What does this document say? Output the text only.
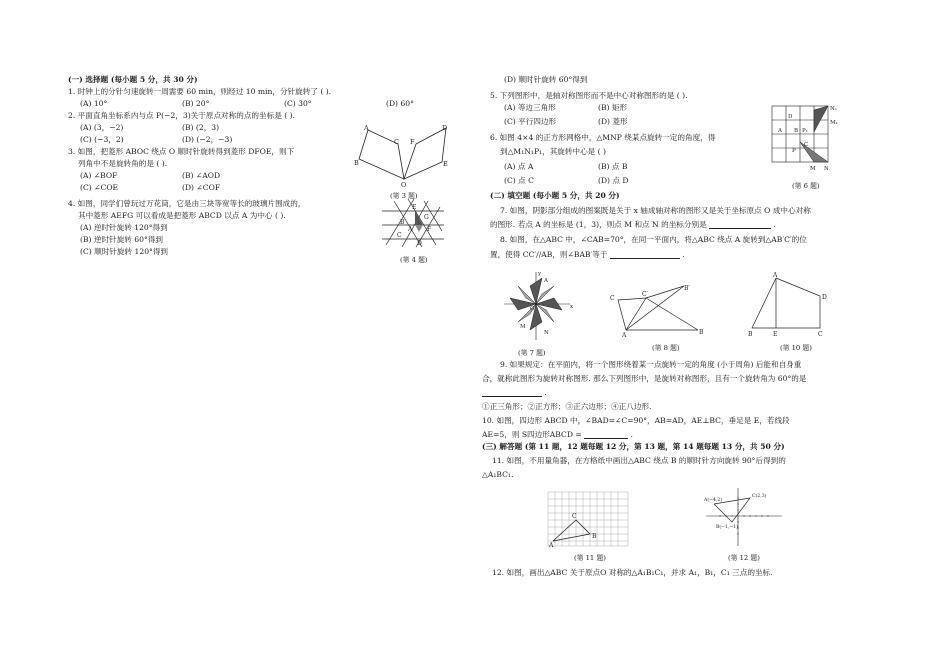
(一) 选择题 (每小题 5 分，共 30 分)
1. 时钟上的分针匀速旋转一周需要 60 min，则经过 10 min，分针旋转了 ( ).
(A) 10°	(B) 20°	(C) 30°	(D) 60°
2. 平面直角坐标系内与点 P(−2，3)关于原点对称的点的坐标是 ( ).
(A) (3，−2)	(B) (2，3)
(C) (−3，2)	(D) (−2，−3)
3. 如图，把菱形 ABOC 绕点 O 顺时针旋转得到菱形 DFOE，则下
列角中不是旋转角的是 ( ).
(A) ∠BOF	(B) ∠AOD
(C) ∠COE	(D) ∠COF
4. 如图，同学们曾玩过万花筒，它是由三块等宽等长的玻璃片围成的，
其中菱形 AEFG 可以看成是把菱形 ABCD 以点 A 为中心 ( ).
(A) 逆时针旋转 120°得到
(B) 逆时针旋转 60°得到
(C) 顺时针旋转 120°得到
A
F
C
D
B	E
O
(第 3 题)
E
G
B
F
A
C
D
(第 4 题)
(D) 顺时针旋转 60°得到
5. 下列图形中，是轴对称图形而不是中心对称图形的是 ( ).
(A) 等边三角形	(B) 矩形
(C) 平行四边形	(D) 菱形
6. 如图 4×4 的正方形网格中，△MNP 绕某点旋转一定的角度，得
到△M₁N₁P₁，其旋转中心是 ( )
(A) 点 A	(B) 点 B
(C) 点 C	(D) 点 D
N₁
D
M₁
A B P₁
C
P
M N
(第 6 题)
(二) 填空题 (每小题 5 分，共 20 分)
7. 如图，阴影部分组成的图案既是关于 x 轴成轴对称的图形又是关于坐标原点 O 成中心对称
的图形. 若点 A 的坐标是 (1，3)，则点 M 和点 N 的坐标分别是	.
8. 如图，在△ABC 中，∠CAB=70°，在同一平面内，将△ABC 绕点 A 旋转到△AB′C′的位
置，使得 CC′//AB，则∠BAB′等于	.
y
A
x
O
M
N
(第 7 题)
B′
C
C′
A	B
(第 8 题)
A
D
B	E	C
(第 10 题)
9. 如果规定：在平面内，将一个图形绕着某一点旋转一定的角度 (小于周角) 后能和自身重
合，就称此图形为旋转对称图形. 那么下列图形中，是旋转对称图形，且有一个旋转角为 60°的是
.
①正三角形；②正方形；③正六边形；④正八边形.
10. 如图，四边形 ABCD 中，∠BAD=∠C=90°，AB=AD，AE⊥BC，垂足是 E，若线段
AE=5，则 S四边形ABCD =	.
(三) 解答题 (第 11 题，12 题每题 12 分，第 13 题，第 14 题每题 13 分，共 50 分)
11. 如图，不用量角器，在方格纸中画出△ABC 绕点 B 的顺时针方向旋转 90°后得到的
△A₁BC₁.
C
A
B
(第 11 题)
A(−4,2)
C(2,3)
B(−1,−1)
(第 12 题)
12. 如图，画出△ABC 关于原点O 对称的△A₁B₁C₁，并求 A₁，B₁，C₁ 三点的坐标.
